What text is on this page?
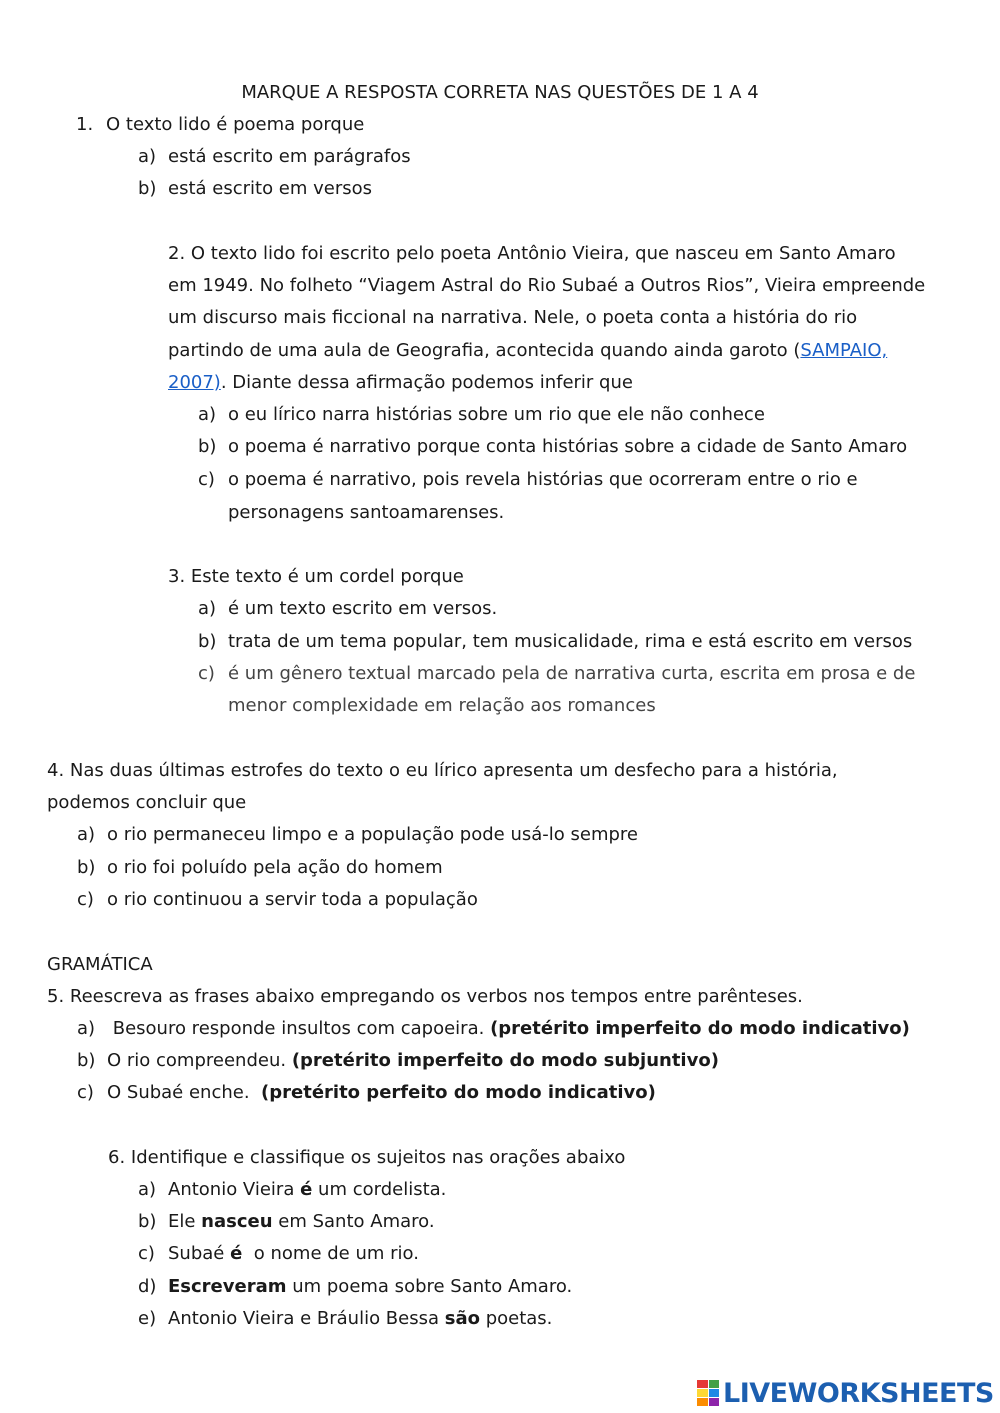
MARQUE A RESPOSTA CORRETA NAS QUESTÕES DE 1 A 4
1. O texto lido é poema porque
a) está escrito em parágrafos
b) está escrito em versos
2. O texto lido foi escrito pelo poeta Antônio Vieira, que nasceu em Santo Amaro
em 1949. No folheto “Viagem Astral do Rio Subaé a Outros Rios”, Vieira empreende
um discurso mais ficcional na narrativa. Nele, o poeta conta a história do rio
partindo de uma aula de Geografia, acontecida quando ainda garoto (SAMPAIO,
2007). Diante dessa afirmação podemos inferir que
a) o eu lírico narra histórias sobre um rio que ele não conhece
b) o poema é narrativo porque conta histórias sobre a cidade de Santo Amaro
c) o poema é narrativo, pois revela histórias que ocorreram entre o rio e
personagens santoamarenses.
3. Este texto é um cordel porque
a) é um texto escrito em versos.
b) trata de um tema popular, tem musicalidade, rima e está escrito em versos
c) é um gênero textual marcado pela de narrativa curta, escrita em prosa e de
menor complexidade em relação aos romances
4. Nas duas últimas estrofes do texto o eu lírico apresenta um desfecho para a história,
podemos concluir que
a) o rio permaneceu limpo e a população pode usá-lo sempre
b) o rio foi poluído pela ação do homem
c) o rio continuou a servir toda a população
GRAMÁTICA
5. Reescreva as frases abaixo empregando os verbos nos tempos entre parênteses.
a) Besouro responde insultos com capoeira. (pretérito imperfeito do modo indicativo)
b) O rio compreendeu. (pretérito imperfeito do modo subjuntivo)
c) O Subaé enche.  (pretérito perfeito do modo indicativo)
6. Identifique e classifique os sujeitos nas orações abaixo
a) Antonio Vieira é um cordelista.
b) Ele nasceu em Santo Amaro.
c) Subaé é  o nome de um rio.
d) Escreveram um poema sobre Santo Amaro.
e) Antonio Vieira e Bráulio Bessa são poetas.
LIVEWORKSHEETS
